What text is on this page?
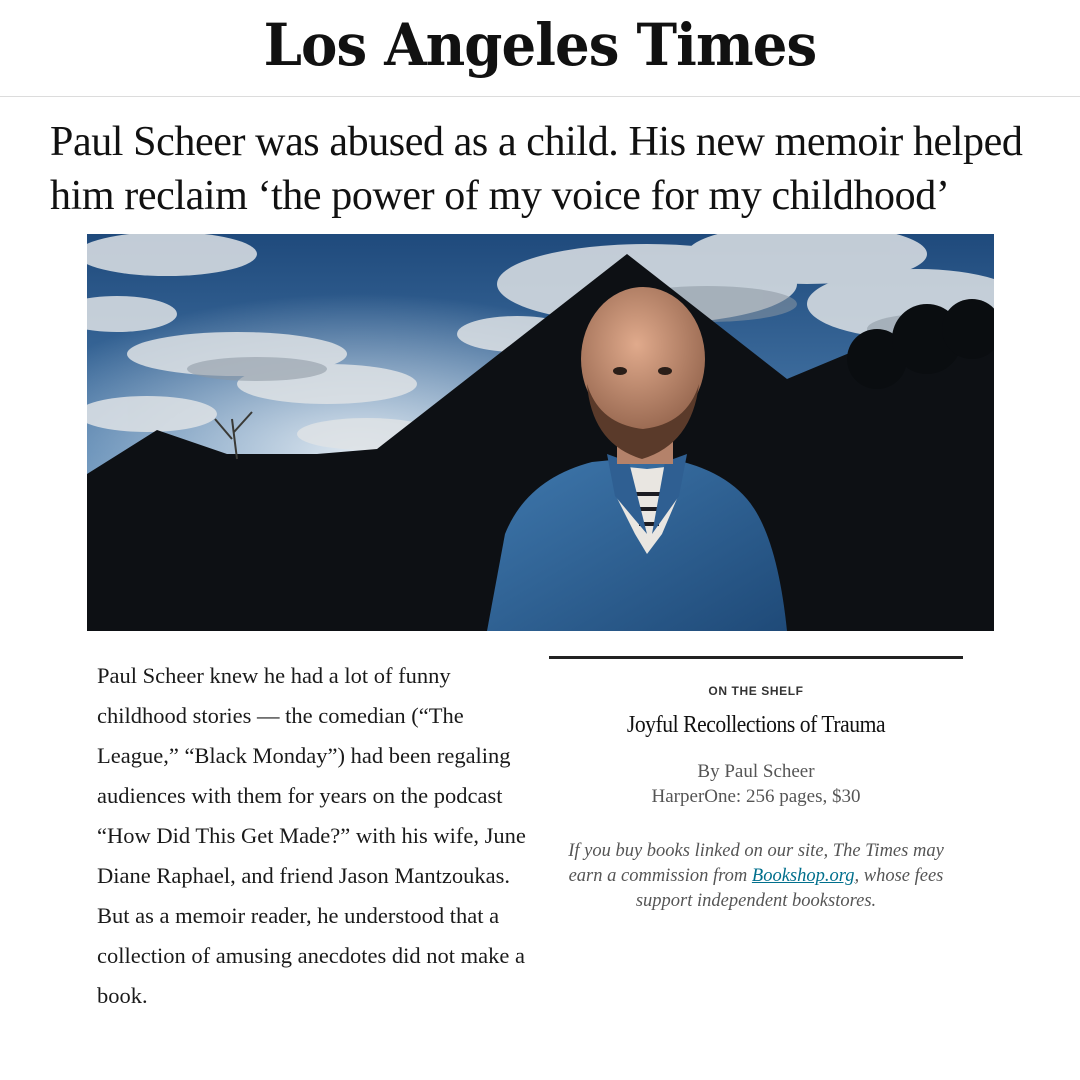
Los Angeles Times
Paul Scheer was abused as a child. His new memoir helped him reclaim ‘the power of my voice for my childhood’
ON THE SHELF
Joyful Recollections of Trauma
By Paul Scheer
HarperOne: 256 pages, $30
If you buy books linked on our site, The Times may earn a commission from Bookshop.org, whose fees support independent bookstores.

Paul Scheer knew he had a lot of funny childhood stories — the comedian (“The League,” “Black Monday”) had been regaling audiences with them for years on the podcast “How Did This Get Made?” with his wife, June Diane Raphael, and friend Jason Mantzoukas. But as a memoir reader, he understood that a collection of amusing anecdotes did not make a book.
